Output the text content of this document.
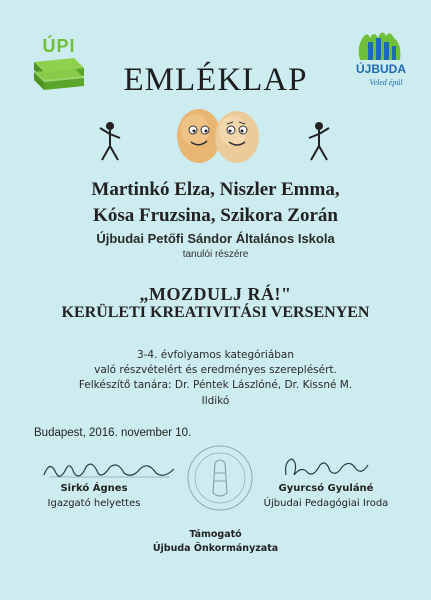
ÚPI
ÚJBUDA
Veled épül
EMLÉKLAP
Martinkó Elza, Niszler Emma,
Kósa Fruzsina, Szikora Zorán
Újbudai Petőfi Sándor Általános Iskola
tanulói részére
„MOZDULJ RÁ!"
KERÜLETI KREATIVITÁSI VERSENYEN
3-4. évfolyamos kategóriában
való részvételért és eredményes szereplésért.
Felkészítő tanára: Dr. Péntek Lászlóné, Dr. Kissné M.
Ildikó
Budapest, 2016. november 10.
Sirkó Ágnes
Igazgató helyettes
Gyurcsó Gyuláné
Újbudai Pedagógiai Iroda
Támogató
Újbuda Önkormányzata
